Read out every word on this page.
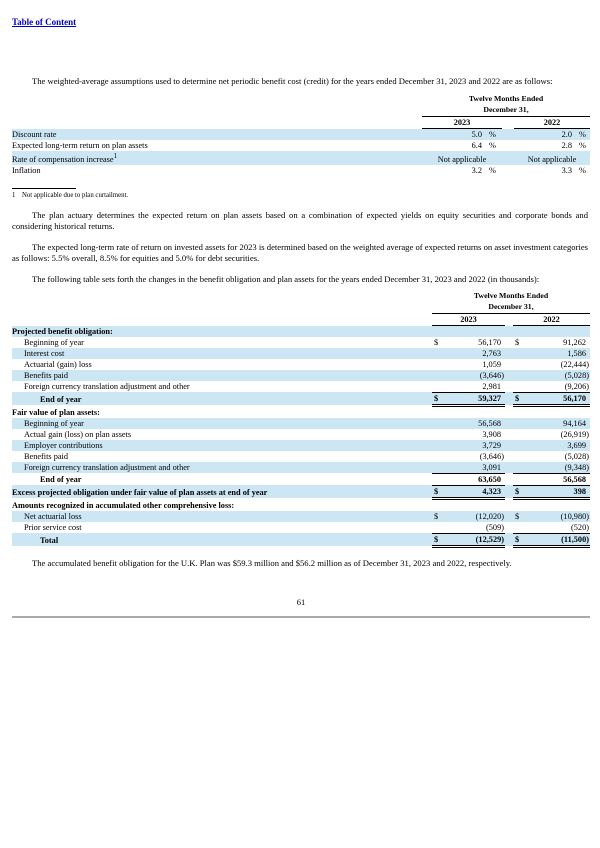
Table of Content

The weighted-average assumptions used to determine net periodic benefit cost (credit) for the years ended December 31, 2023 and 2022 are as follows:

	Twelve Months Ended
December 31,				
	2023			2022	
Discount rate	5.0	%		2.0	%
Expected long-term return on plan assets	6.4	%		2.8	%
Rate of compensation increase$^1$	Not applicable			Not applicable	
Inflation	3.2	%		3.3	%

1 Not applicable due to plan curtailment.

The plan actuary determines the expected return on plan assets based on a combination of expected yields on equity securities and corporate bonds and considering historical returns.

The expected long-term rate of return on invested assets for 2023 is determined based on the weighted average of expected returns on asset investment categories as follows: 5.5% overall, 8.5% for equities and 5.0% for debt securities.

The following table sets forth the changes in the benefit obligation and plan assets for the years ended December 31, 2023 and 2022 (in thousands):

	Twelve Months Ended
December 31,				
	2023			2022	
Projected benefit obligation:					
Beginning of year	$	56,170		$	91,262
Interest cost		2,763			1,586
Actuarial (gain) loss		1,059			(22,444)
Benefits paid		(3,646)			(5,028)
Foreign currency translation adjustment and other		2,981			(9,206)
End of year	$	59,327		$	56,170
Fair value of plan assets:					
Beginning of year		56,568			94,164
Actual gain (loss) on plan assets		3,908			(26,919)
Employer contributions		3,729			3,699
Benefits paid		(3,646)			(5,028)
Foreign currency translation adjustment and other		3,091			(9,348)
End of year		63,650			56,568
Excess projected obligation under fair value of plan assets at end of year	$	4,323		$	398
Amounts recognized in accumulated other comprehensive loss:					
Net actuarial loss	$	(12,020)		$	(10,980)
Prior service cost		(509)			(520)
Total	$	(12,529)		$	(11,500)

The accumulated benefit obligation for the U.K. Plan was $59.3 million and $56.2 million as of December 31, 2023 and 2022, respectively.

61
